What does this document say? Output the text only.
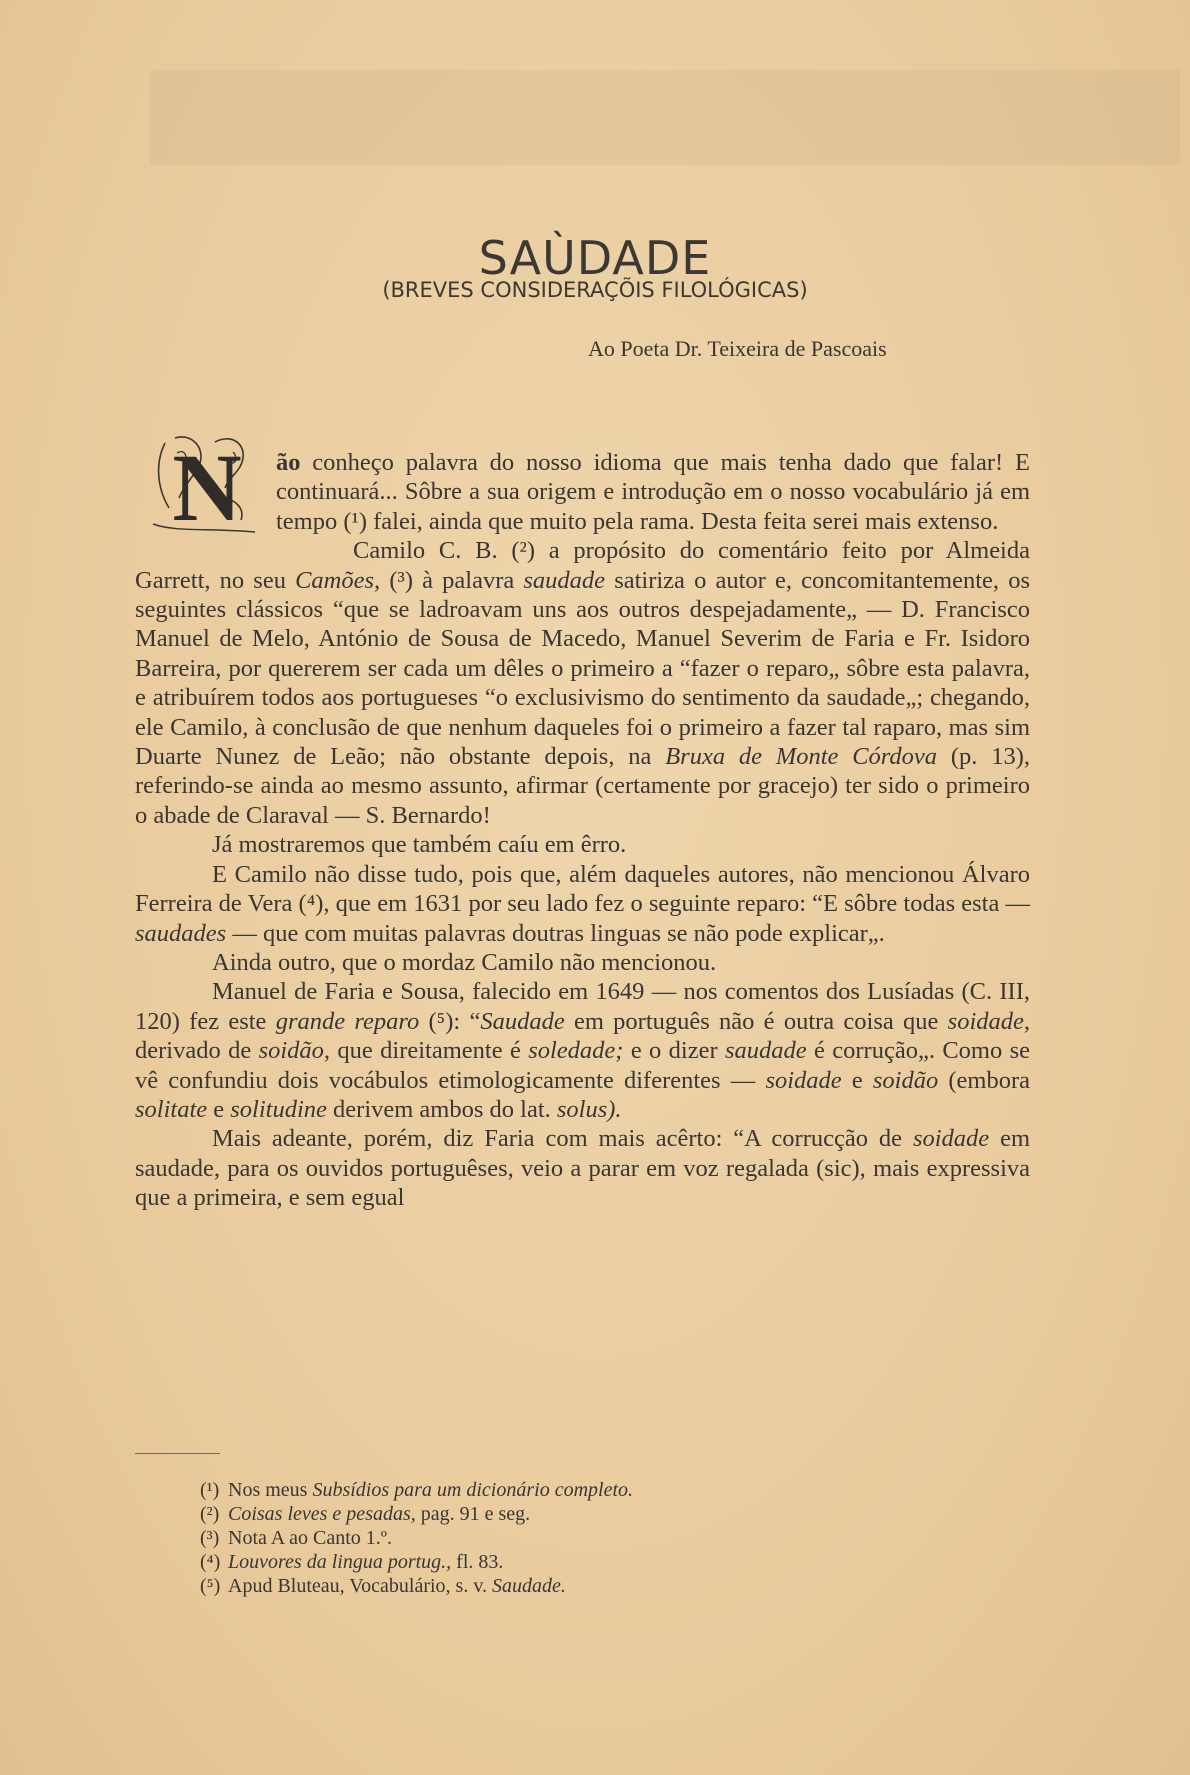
SAÙDADE
(BREVES CONSIDERAÇÕIS FILOLÓGICAS)
Ao Poeta Dr. Teixeira de Pascoais

N ão conheço palavra do nosso idioma que mais tenha dado que falar! E continuará... Sôbre a sua origem e introdução em o nosso vocabulário já em tempo (¹) falei, ainda que muito pela rama. Desta feita serei mais extenso.

Camilo C. B. (²) a propósito do comentário feito por Almeida Garrett, no seu Camões, (³) à palavra saudade satiriza o autor e, concomitantemente, os seguintes clássicos “que se ladroavam uns aos outros despejadamente„ — D. Francisco Manuel de Melo, António de Sousa de Macedo, Manuel Severim de Faria e Fr. Isidoro Barreira, por quererem ser cada um dêles o primeiro a “fazer o reparo„ sôbre esta palavra, e atribuírem todos aos portugueses “o exclusivismo do sentimento da saudade„; chegando, ele Camilo, à conclusão de que nenhum daqueles foi o primeiro a fazer tal raparo, mas sim Duarte Nunez de Leão; não obstante depois, na Bruxa de Monte Córdova (p. 13), referindo-se ainda ao mesmo assunto, afirmar (certamente por gracejo) ter sido o primeiro o abade de Claraval — S. Bernardo!

Já mostraremos que também caíu em êrro.

E Camilo não disse tudo, pois que, além daqueles autores, não mencionou Álvaro Ferreira de Vera (⁴), que em 1631 por seu lado fez o seguinte reparo: “E sôbre todas esta — saudades — que com muitas palavras doutras linguas se não pode explicar„.

Ainda outro, que o mordaz Camilo não mencionou.

Manuel de Faria e Sousa, falecido em 1649 — nos comentos dos Lusíadas (C. III, 120) fez este grande reparo (⁵): “Saudade em português não é outra coisa que soidade, derivado de soidão, que direitamente é soledade; e o dizer saudade é corrução„. Como se vê confundiu dois vocábulos etimologicamente diferentes — soidade e soidão (embora solitate e solitudine derivem ambos do lat. solus).

Mais adeante, porém, diz Faria com mais acêrto: “A corrucção de soidade em saudade, para os ouvidos portuguêses, veio a parar em voz regalada (sic), mais expressiva que a primeira, e sem egual

(¹) Nos meus Subsídios para um dicionário completo.
(²) Coisas leves e pesadas, pag. 91 e seg.
(³) Nota A ao Canto 1.º.
(⁴) Louvores da lingua portug., fl. 83.
(⁵) Apud Bluteau, Vocabulário, s. v. Saudade.
